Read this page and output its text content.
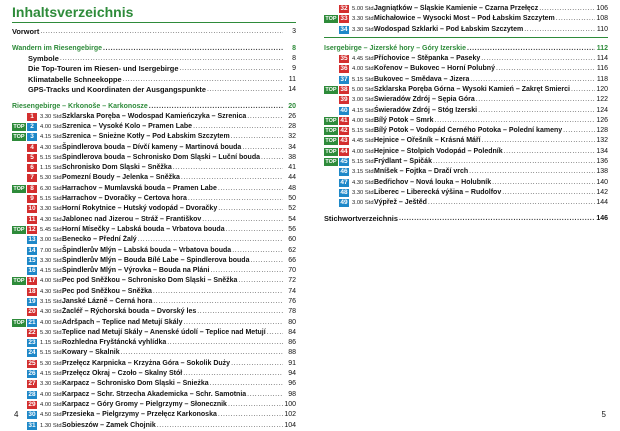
Inhaltsverzeichnis
Vorwort .....	3
Wandern im Riesengebirge .....	8
Symbole .....	8
Die Top-Touren im Riesen- und Isergebirge .....	9
Klimatabelle Schneekoppe .....	11
GPS-Tracks und Koordinaten der Ausgangspunkte .....	14
Riesengebirge – Krkonoše – Karkonosze .....	20
1	3.30 Std.
Szklarska Poręba – Wodospad Kamieńczyka – Szrenica .....	26
TOP 2	4.00 Std.
Szrenica – Vysoké Kolo – Pramen Labe .....	28
TOP 3	4.15 Std.
Szrenica – Śnieżne Kotły – Pod Łabskim Szczytem .....	32
4	4.30 Std.
Špindlerova bouda – Dívčí kameny – Martinová bouda .....	34
5	5.15 Std.
Špindlerova bouda – Schronisko Dom Śląski – Luční bouda .....	38
6	1.15 Std.
Schronisko Dom Śląski – Sněžka .....	41
7	5.30 Std.
Pomezní Boudy – Jelenka – Sněžka .....	44
TOP 8	6.30 Std.
Harrachov – Mumlavská bouda – Pramen Labe .....	48
9	5.15 Std.
Harrachov – Dvoračky – Čertova hora .....	50
10 3.30 Std.
Horní Rokytnice – Hutský vodopád – Dvoračky .....	52
11 4.30 Std.
Jablonec nad Jizerou – Stráž – Františkov .....	54
TOP 12 5.45 Std.
Horní Mísečky – Labská bouda – Vrbatova bouda .....	56
13 3.00 Std.
Benecko – Přední Žalý .....	60
14 7.00 Std.
Špindlerův Mlýn – Labská bouda – Vrbatova bouda .....	62
15 3.30 Std.
Špindlerův Mlýn – Bouda Bílé Labe – Špindlerova bouda .....	66
16 4.15 Std.
Špindlerův Mlýn – Výrovka – Bouda na Pláni .....	70
TOP 17 4.00 Std.
Pec pod Sněžkou – Schronisko Dom Śląski – Sněžka .....	72
18 4.30 Std.
Pec pod Sněžkou – Sněžka .....	74
19 3.15 Std.
Janské Lázně – Černá hora .....	76
20 4.30 Std.
Žacléř – Rýchorská bouda – Dvorský les .....	78
TOP 21 4.00 Std.
Adršpach – Teplice nad Metují Skály .....	80
22 5.30 Std.
Teplice nad Metují Skály – Anenské údolí – Teplice nad Metují .....	84
23 1.15 Std.
Rozhledna Fryštáncká vyhlídka .....	86
24 5.15 Std.
Kowary – Skalnik .....	88
25 5.30 Std.
Przełęcz Karpnicka – Krzyżna Góra – Sokolik Duży .....	91
26 4.15 Std.
Przełęcz Okraj – Czoło – Skalny Stół .....	94
27 3.30 Std.
Karpacz – Schronisko Dom Śląski – Śnieżka .....	96
28 4.00 Std.
Karpacz – Schr. Strzecha Akademicka – Schr. Samotnia .....	98
29 4.00 Std.
Karpacz – Góry Gromy – Pielgrzymy – Słonecznik .....	100
30 4.50 Std.
Przesieka – Pielgrzymy – Przełęcz Karkonoska .....	102
31 1.30 Std.
Sobieszów – Zamek Chojnik .....	104
4
32 5.00 Std.
Jagniątków – Śląskie Kamienie – Czarna Przełęcz .....	106
TOP 33 3.30 Std.
Michałowice – Wysocki Most – Pod Łabskim Szczytem .....	108
34 3.30 Std.
Wodospad Szklarki – Pod Łabskim Szczytem .....	110
Isergebirge – Jizerské hory – Góry Izerskie .....	112
35 4.45 Std.
Příchovice – Štěpanka – Paseky .....	114
36 4.00 Std.
Kořenov – Bukovec – Horní Polubný .....	116
37 5.15 Std.
Bukovec – Smědava – Jizera .....	118
TOP 38 5.00 Std.
Szklarska Poręba Górna – Wysoki Kamień – Zakręt Śmierci .....	120
39 3.00 Std.
Świeradów Zdrój – Sępia Góra .....	122
40 4.15 Std.
Świeradów Zdrój – Stóg Izerski .....	124
TOP 41 4.00 Std.
Bílý Potok – Smrk .....	126
TOP 42 5.15 Std.
Bílý Potok – Vodopád Černého Potoka – Polední kameny .....	128
TOP 43 4.45 Std.
Hejnice – Ořešník – Krásná Máří .....	132
TOP 44 4.00 Std.
Hejnice – Štolpich Vodopád – Poledník .....	134
TOP 45 5.15 Std.
Frýdlant – Špičák .....	136
46 3.15 Std.
Mníšek – Fojtka – Dračí vrch .....	138
47 4.30 Std.
Bedřichov – Nová louka – Holubník .....	140
48 3.30 Std.
Liberec – Liberecká výšina – Rudolfov .....	142
49 3.00 Std.
Výpřež – Ještěd .....	144
Stichwortverzeichnis .....	146
5
